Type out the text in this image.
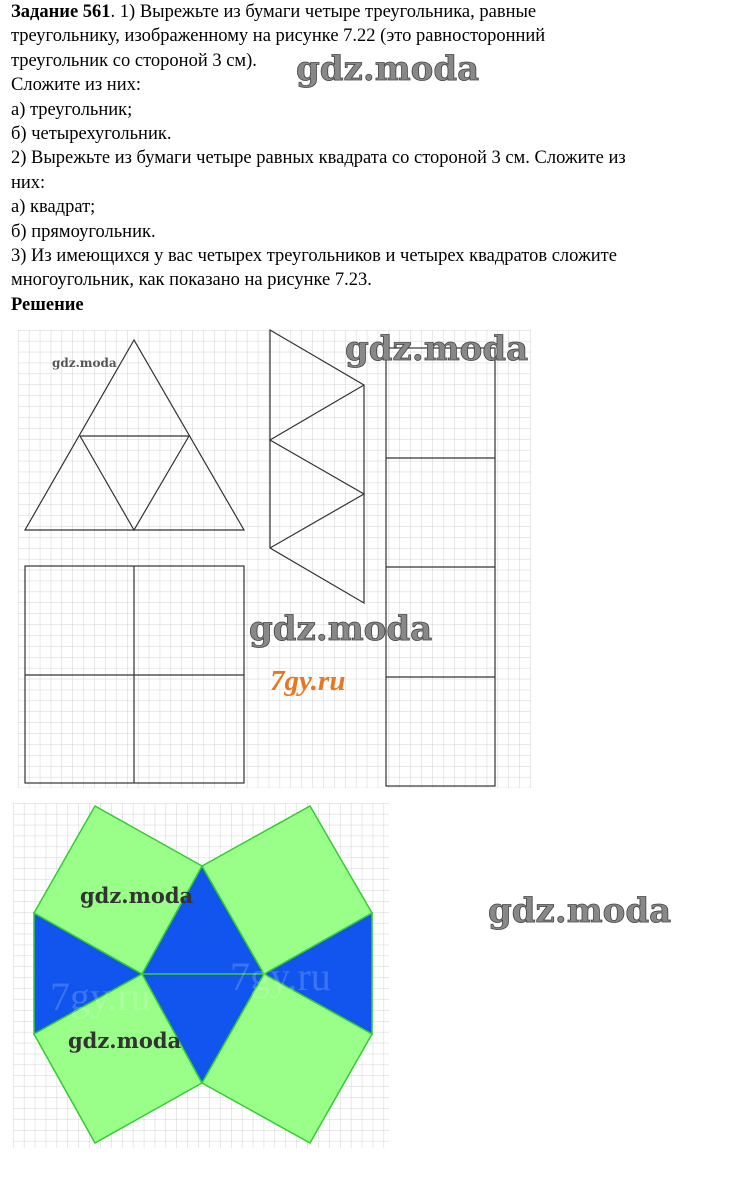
Задание 561. 1) Вырежьте из бумаги четыре треугольника, равные

треугольнику, изображенному на рисунке 7.22 (это равносторонний

треугольник со стороной 3 см).

Сложите из них:

а) треугольник;

б) четырехугольник.

2) Вырежьте из бумаги четыре равных квадрата со стороной 3 см. Сложите из

них:

а) квадрат;

б) прямоугольник.

3) Из имеющихся у вас четырех треугольников и четырех квадратов сложите

многоугольник, как показано на рисунке 7.23.

Решение

gdz.moda
gdz.moda	gdz.moda
gdz.moda
7gy.ru
gdz.moda
gdz.moda
7gy.ru 7gy.ru
gdz.moda
